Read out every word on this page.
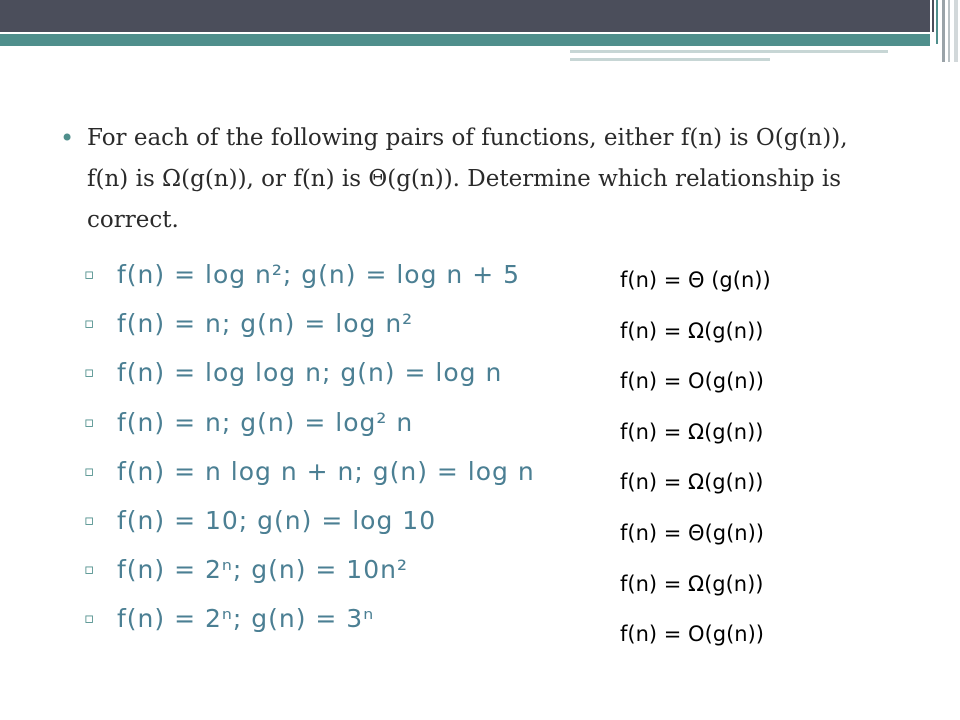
• For each of the following pairs of functions, either f(n) is O(g(n)), f(n) is Ω(g(n)), or f(n) is Θ(g(n)). Determine which relationship is correct.
▫ f(n) = log n²; g(n) = log n + 5
▫ f(n) = n; g(n) = log n²
▫ f(n) = log log n; g(n) = log n
▫ f(n) = n; g(n) = log² n
▫ f(n) = n log n + n; g(n) = log n
▫ f(n) = 10; g(n) = log 10
▫ f(n) = 2ⁿ; g(n) = 10n²
▫ f(n) = 2ⁿ; g(n) = 3ⁿ
f(n) = Θ (g(n))
f(n) = Ω(g(n))
f(n) = O(g(n))
f(n) = Ω(g(n))
f(n) = Ω(g(n))
f(n) = Θ(g(n))
f(n) = Ω(g(n))
f(n) = O(g(n))
